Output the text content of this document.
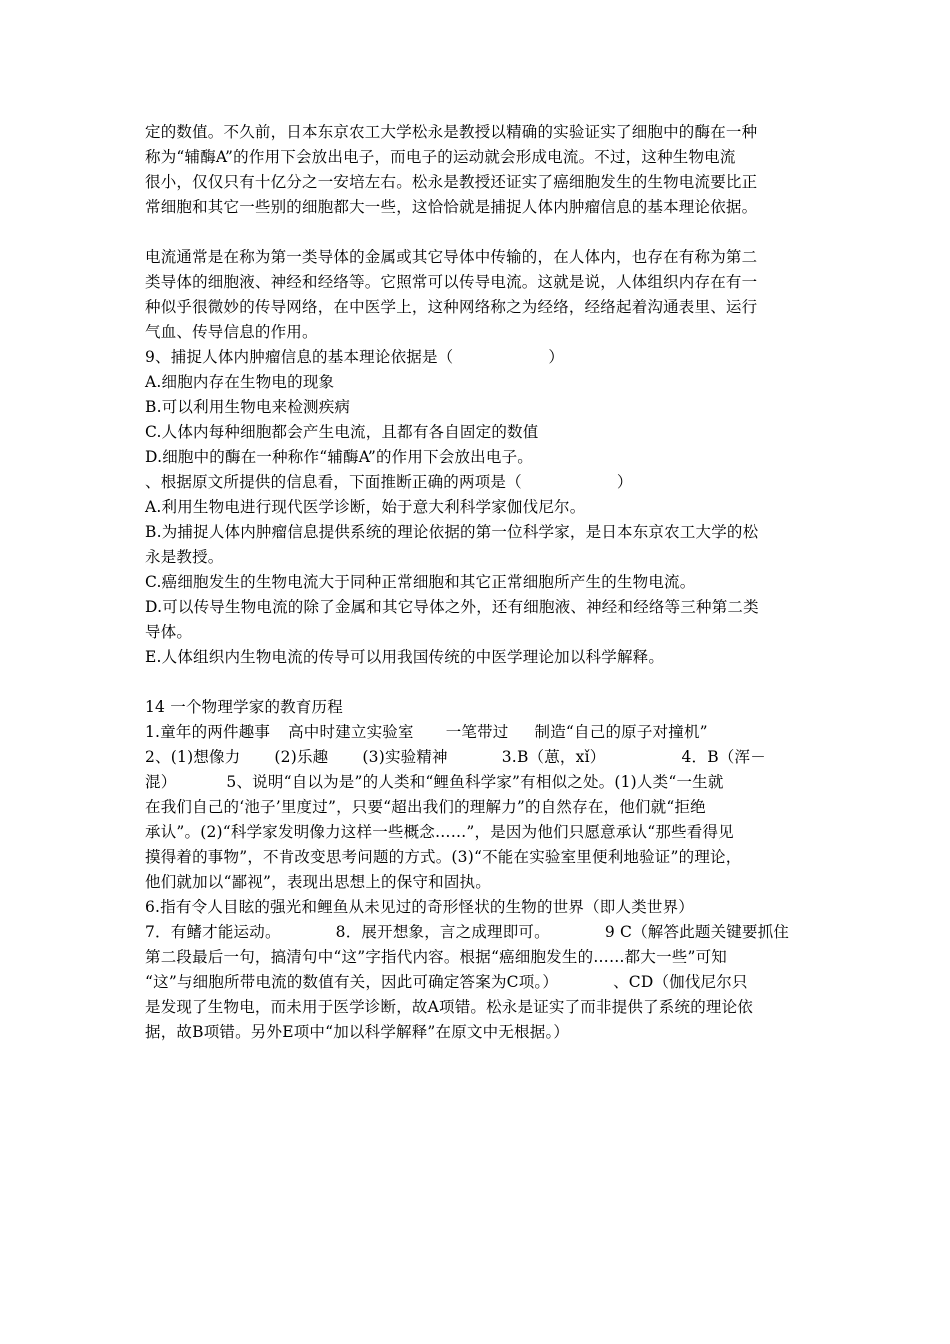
定的数值。不久前，日本东京农工大学松永是教授以精确的实验证实了细胞中的酶在一种
称为“辅酶A”的作用下会放出电子，而电子的运动就会形成电流。不过，这种生物电流
很小，仅仅只有十亿分之一安培左右。松永是教授还证实了癌细胞发生的生物电流要比正
常细胞和其它一些别的细胞都大一些，这恰恰就是捕捉人体内肿瘤信息的基本理论依据。
电流通常是在称为第一类导体的金属或其它导体中传输的，在人体内，也存在有称为第二
类导体的细胞液、神经和经络等。它照常可以传导电流。这就是说，人体组织内存在有一
种似乎很微妙的传导网络，在中医学上，这种网络称之为经络，经络起着沟通表里、运行
气血、传导信息的作用。
9、捕捉人体内肿瘤信息的基本理论依据是（	）
A.细胞内存在生物电的现象
B.可以利用生物电来检测疾病
C.人体内每种细胞都会产生电流，且都有各自固定的数值
D.细胞中的酶在一种称作“辅酶A”的作用下会放出电子。
、根据原文所提供的信息看，下面推断正确的两项是（	）
A.利用生物电进行现代医学诊断，始于意大利科学家伽伐尼尔。
B.为捕捉人体内肿瘤信息提供系统的理论依据的第一位科学家，是日本东京农工大学的松
永是教授。
C.癌细胞发生的生物电流大于同种正常细胞和其它正常细胞所产生的生物电流。
D.可以传导生物电流的除了金属和其它导体之外，还有细胞液、神经和经络等三种第二类
导体。
E.人体组织内生物电流的传导可以用我国传统的中医学理论加以科学解释。
14 一个物理学家的教育历程
1.童年的两件趣事 高中时建立实验室 一笔带过 制造“自己的原子对撞机”
2、(1)想像力 (2)乐趣 (3)实验精神	3.B（葸，xǐ）	4．B（浑－
混）	5、说明“自以为是”的人类和“鲤鱼科学家”有相似之处。(1)人类“一生就
在我们自己的‘池子’里度过”，只要“超出我们的理解力”的自然存在，他们就“拒绝
承认”。(2)“科学家发明像力这样一些概念……”，是因为他们只愿意承认“那些看得见
摸得着的事物”，不肯改变思考问题的方式。(3)“不能在实验室里便利地验证”的理论，
他们就加以“鄙视”，表现出思想上的保守和固执。
6.指有令人目眩的强光和鲤鱼从未见过的奇形怪状的生物的世界（即人类世界）
7．有鳍才能运动。	8．展开想象，言之成理即可。	9 C（解答此题关键要抓住
第二段最后一句，搞清句中“这”字指代内容。根据“癌细胞发生的……都大一些”可知
“这”与细胞所带电流的数值有关，因此可确定答案为C项。）	、CD（伽伐尼尔只
是发现了生物电，而未用于医学诊断，故A项错。松永是证实了而非提供了系统的理论依
据，故B项错。另外E项中“加以科学解释”在原文中无根据。）
